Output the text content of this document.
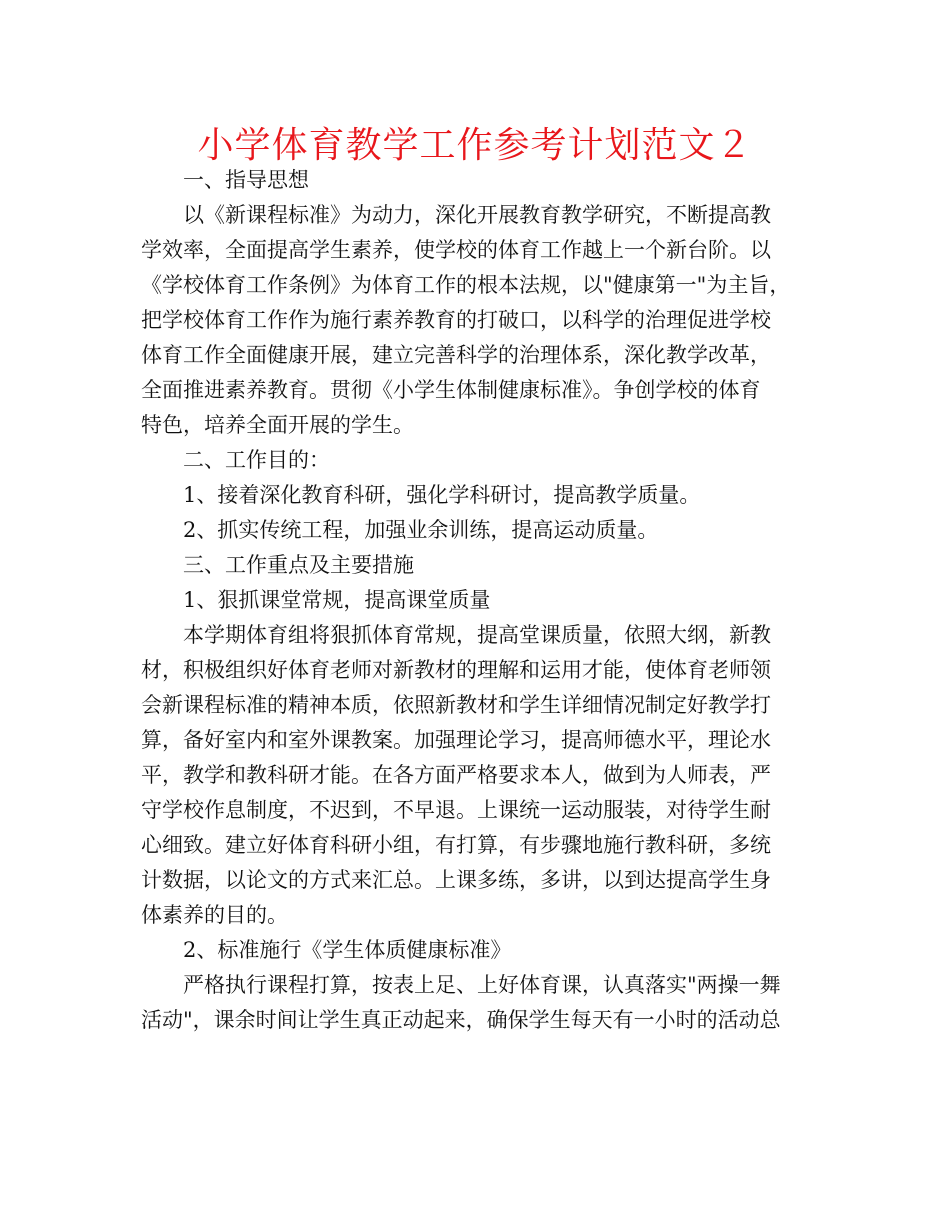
小学体育教学工作参考计划范文２

一、指导思想

以《新课程标准》为动力，深化开展教育教学研究，不断提高教
学效率，全面提高学生素养，使学校的体育工作越上一个新台阶。以
《学校体育工作条例》为体育工作的根本法规，以"健康第一"为主旨，
把学校体育工作作为施行素养教育的打破口，以科学的治理促进学校
体育工作全面健康开展，建立完善科学的治理体系，深化教学改革，
全面推进素养教育。贯彻《小学生体制健康标准》。争创学校的体育
特色，培养全面开展的学生。

二、工作目的：

1、接着深化教育科研，强化学科研讨，提高教学质量。

2、抓实传统工程，加强业余训练，提高运动质量。

三、工作重点及主要措施

1、狠抓课堂常规，提高课堂质量

本学期体育组将狠抓体育常规，提高堂课质量，依照大纲，新教
材，积极组织好体育老师对新教材的理解和运用才能，使体育老师领
会新课程标准的精神本质，依照新教材和学生详细情况制定好教学打
算，备好室内和室外课教案。加强理论学习，提高师德水平，理论水
平，教学和教科研才能。在各方面严格要求本人，做到为人师表，严
守学校作息制度，不迟到，不早退。上课统一运动服装，对待学生耐
心细致。建立好体育科研小组，有打算，有步骤地施行教科研，多统
计数据，以论文的方式来汇总。上课多练，多讲，以到达提高学生身
体素养的目的。

2、标准施行《学生体质健康标准》

严格执行课程打算，按表上足、上好体育课，认真落实"两操一舞
活动"，课余时间让学生真正动起来，确保学生每天有一小时的活动总
